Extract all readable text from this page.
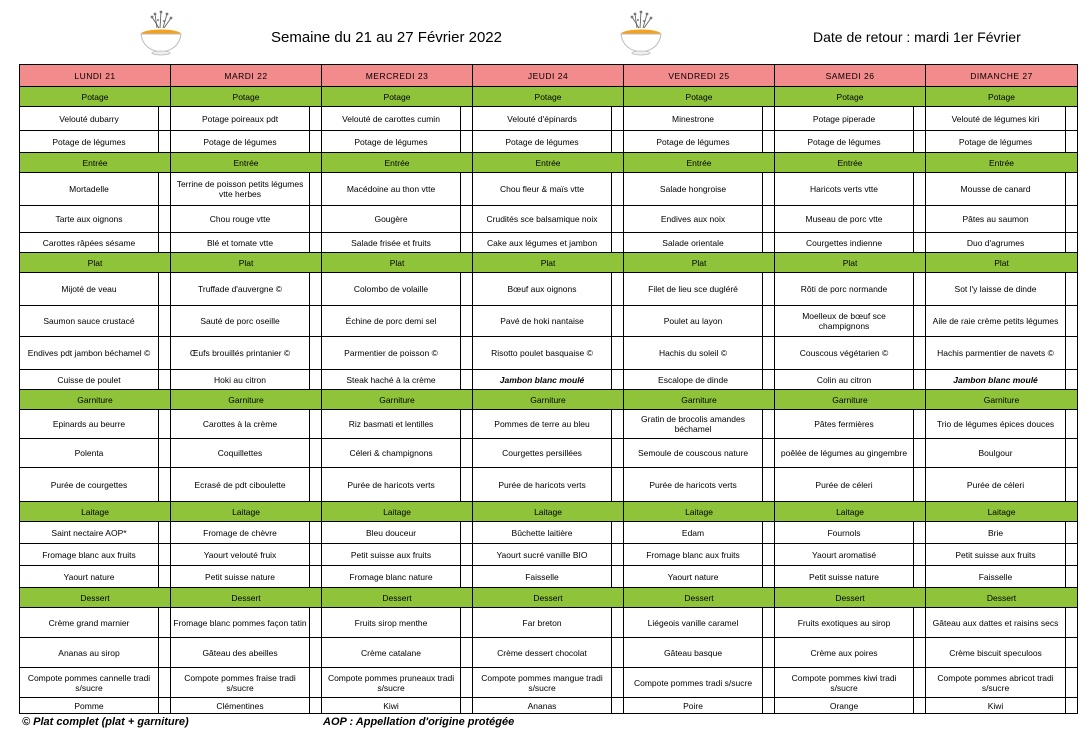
Semaine du 21 au 27 Février 2022	Date de retour : mardi 1er Février
LUNDI 21		MARDI 22		MERCREDI 23		JEUDI 24		VENDREDI 25		SAMEDI 26		DIMANCHE 27	
Potage		Potage		Potage		Potage		Potage		Potage		Potage	
Velouté dubarry		Potage poireaux pdt		Velouté de carottes cumin		Velouté d'épinards		Minestrone		Potage piperade		Velouté de légumes kiri	
Potage de légumes		Potage de légumes		Potage de légumes		Potage de légumes		Potage de légumes		Potage de légumes		Potage de légumes	
Entrée		Entrée		Entrée		Entrée		Entrée		Entrée		Entrée	
Mortadelle		Terrine de poisson petits légumes vtte herbes		Macédoine au thon vtte		Chou fleur & maïs vtte		Salade hongroise		Haricots verts vtte		Mousse de canard	
Tarte aux oignons		Chou rouge vtte		Gougère		Crudités sce balsamique noix		Endives aux noix		Museau de porc vtte		Pâtes au saumon	
Carottes râpées sésame		Blé et tomate vtte		Salade frisée et fruits		Cake aux légumes et jambon		Salade orientale		Courgettes indienne		Duo d'agrumes	
Plat		Plat		Plat		Plat		Plat		Plat		Plat	
Mijoté de veau		Truffade d'auvergne ©		Colombo de volaille		Bœuf aux oignons		Filet de lieu sce dugléré		Rôti de porc normande		Sot l'y laisse de dinde	
Saumon sauce crustacé		Sauté de porc oseille		Échine de porc demi sel		Pavé de hoki nantaise		Poulet au layon		Moelleux de bœuf sce champignons		Aile de raie crème petits légumes	
Endives pdt jambon béchamel ©		Œufs brouillés printanier ©		Parmentier de poisson ©		Risotto poulet basquaise ©		Hachis du soleil ©		Couscous végétarien ©		Hachis parmentier de navets ©	
Cuisse de poulet		Hoki au citron		Steak haché à la crème		Jambon blanc moulé		Escalope de dinde		Colin au citron		Jambon blanc moulé	
Garniture		Garniture		Garniture		Garniture		Garniture		Garniture		Garniture	
Epinards au beurre		Carottes à la crème		Riz basmati et lentilles		Pommes de terre au bleu		Gratin de brocolis amandes béchamel		Pâtes fermières		Trio de légumes épices douces	
Polenta		Coquillettes		Céleri & champignons		Courgettes persillées		Semoule de couscous nature		poêlée de légumes au gingembre		Boulgour	
Purée de courgettes		Ecrasé de pdt ciboulette		Purée de haricots verts		Purée de haricots verts		Purée de haricots verts		Purée de céleri		Purée de céleri	
Laitage		Laitage		Laitage		Laitage		Laitage		Laitage		Laitage	
Saint nectaire AOP*		Fromage de chèvre		Bleu douceur		Bûchette laitière		Edam		Fournols		Brie	
Fromage blanc aux fruits		Yaourt velouté fruix		Petit suisse aux fruits		Yaourt sucré vanille BIO		Fromage blanc aux fruits		Yaourt aromatisé		Petit suisse aux fruits	
Yaourt nature		Petit suisse nature		Fromage blanc nature		Faisselle		Yaourt nature		Petit suisse nature		Faisselle	
Dessert		Dessert		Dessert		Dessert		Dessert		Dessert		Dessert	
Crème grand marnier		Fromage blanc pommes façon tatin		Fruits sirop menthe		Far breton		Liégeois vanille caramel		Fruits exotiques au sirop		Gâteau aux dattes et raisins secs	
Ananas au sirop		Gâteau des abeilles		Crème catalane		Crème dessert chocolat		Gâteau basque		Crème aux poires		Crème biscuit speculoos	
Compote pommes cannelle tradi s/sucre		Compote pommes fraise tradi s/sucre		Compote pommes pruneaux tradi s/sucre		Compote pommes mangue tradi s/sucre		Compote pommes tradi s/sucre		Compote pommes kiwi tradi s/sucre		Compote pommes abricot tradi s/sucre	
Pomme		Clémentines		Kiwi		Ananas		Poire		Orange		Kiwi	
© Plat complet (plat + garniture)	AOP : Appellation d'origine protégée
